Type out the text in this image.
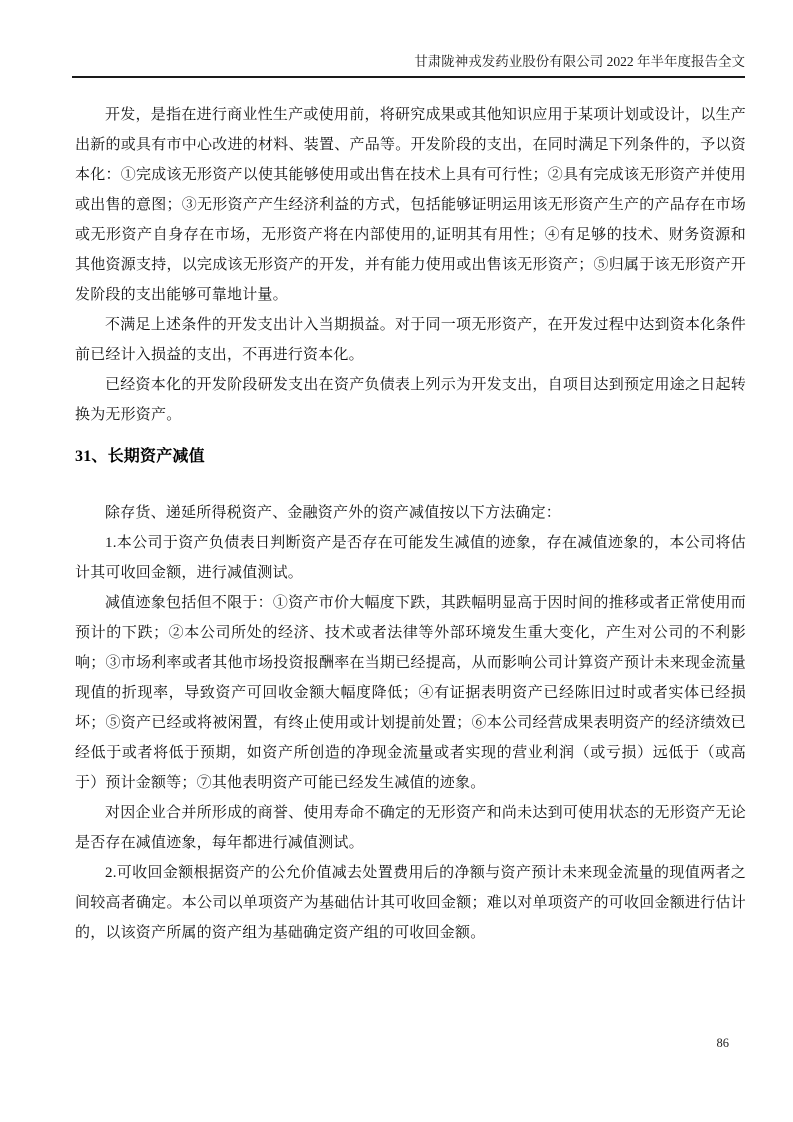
甘肃陇神戎发药业股份有限公司 2022 年半年度报告全文

开发，是指在进行商业性生产或使用前，将研究成果或其他知识应用于某项计划或设计，以生产出新的或具有市中心改进的材料、装置、产品等。开发阶段的支出，在同时满足下列条件的，予以资本化：①完成该无形资产以使其能够使用或出售在技术上具有可行性；②具有完成该无形资产并使用或出售的意图；③无形资产产生经济利益的方式，包括能够证明运用该无形资产生产的产品存在市场或无形资产自身存在市场，无形资产将在内部使用的,证明其有用性；④有足够的技术、财务资源和其他资源支持，以完成该无形资产的开发，并有能力使用或出售该无形资产；⑤归属于该无形资产开发阶段的支出能够可靠地计量。

不满足上述条件的开发支出计入当期损益。对于同一项无形资产，在开发过程中达到资本化条件前已经计入损益的支出，不再进行资本化。

已经资本化的开发阶段研发支出在资产负债表上列示为开发支出，自项目达到预定用途之日起转换为无形资产。

31、长期资产减值

除存货、递延所得税资产、金融资产外的资产减值按以下方法确定：

1.本公司于资产负债表日判断资产是否存在可能发生减值的迹象，存在减值迹象的，本公司将估计其可收回金额，进行减值测试。

减值迹象包括但不限于：①资产市价大幅度下跌，其跌幅明显高于因时间的推移或者正常使用而预计的下跌；②本公司所处的经济、技术或者法律等外部环境发生重大变化，产生对公司的不利影响；③市场利率或者其他市场投资报酬率在当期已经提高，从而影响公司计算资产预计未来现金流量现值的折现率，导致资产可回收金额大幅度降低；④有证据表明资产已经陈旧过时或者实体已经损坏；⑤资产已经或将被闲置，有终止使用或计划提前处置；⑥本公司经营成果表明资产的经济绩效已经低于或者将低于预期，如资产所创造的净现金流量或者实现的营业利润（或亏损）远低于（或高于）预计金额等；⑦其他表明资产可能已经发生减值的迹象。

对因企业合并所形成的商誉、使用寿命不确定的无形资产和尚未达到可使用状态的无形资产无论是否存在减值迹象，每年都进行减值测试。

2.可收回金额根据资产的公允价值减去处置费用后的净额与资产预计未来现金流量的现值两者之间较高者确定。本公司以单项资产为基础估计其可收回金额；难以对单项资产的可收回金额进行估计的，以该资产所属的资产组为基础确定资产组的可收回金额。

86
